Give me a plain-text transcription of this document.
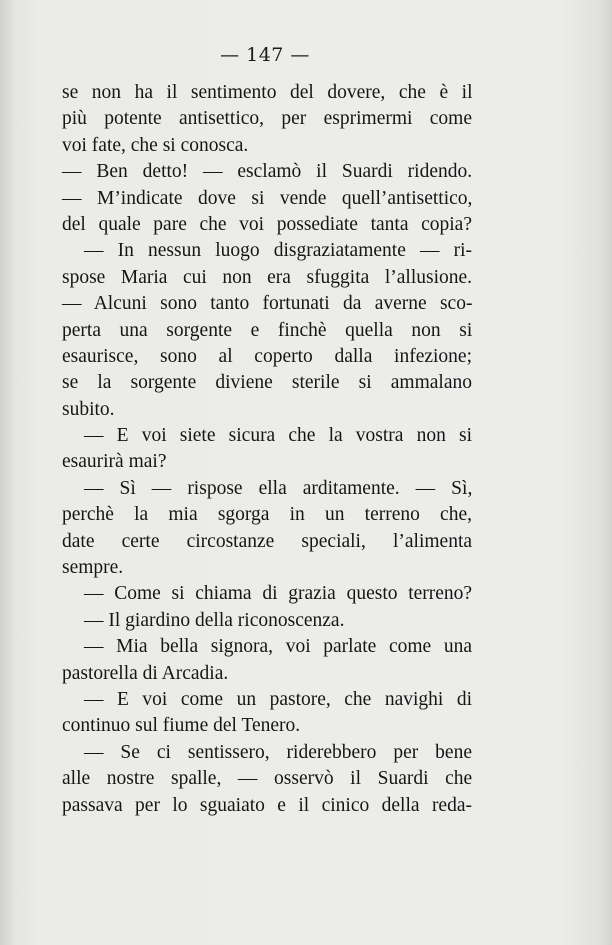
— 147 —
se non ha il sentimento del dovere, che è il
più potente antisettico, per esprimermi come
voi fate, che si conosca.
— Ben detto! — esclamò il Suardi ridendo.
— M’indicate dove si vende quell’antisettico,
del quale pare che voi possediate tanta copia?
— In nessun luogo disgraziatamente — ri-
spose Maria cui non era sfuggita l’allusione.
— Alcuni sono tanto fortunati da averne sco-
perta una sorgente e finchè quella non si
esaurisce, sono al coperto dalla infezione;
se la sorgente diviene sterile si ammalano
subito.
— E voi siete sicura che la vostra non si
esaurirà mai?
— Sì — rispose ella arditamente. — Sì,
perchè la mia sgorga in un terreno che,
date certe circostanze speciali, l’alimenta
sempre.
— Come si chiama di grazia questo terreno?
— Il giardino della riconoscenza.
— Mia bella signora, voi parlate come una
pastorella di Arcadia.
— E voi come un pastore, che navighi di
continuo sul fiume del Tenero.
— Se ci sentissero, riderebbero per bene
alle nostre spalle, — osservò il Suardi che
passava per lo sguaiato e il cinico della reda-
